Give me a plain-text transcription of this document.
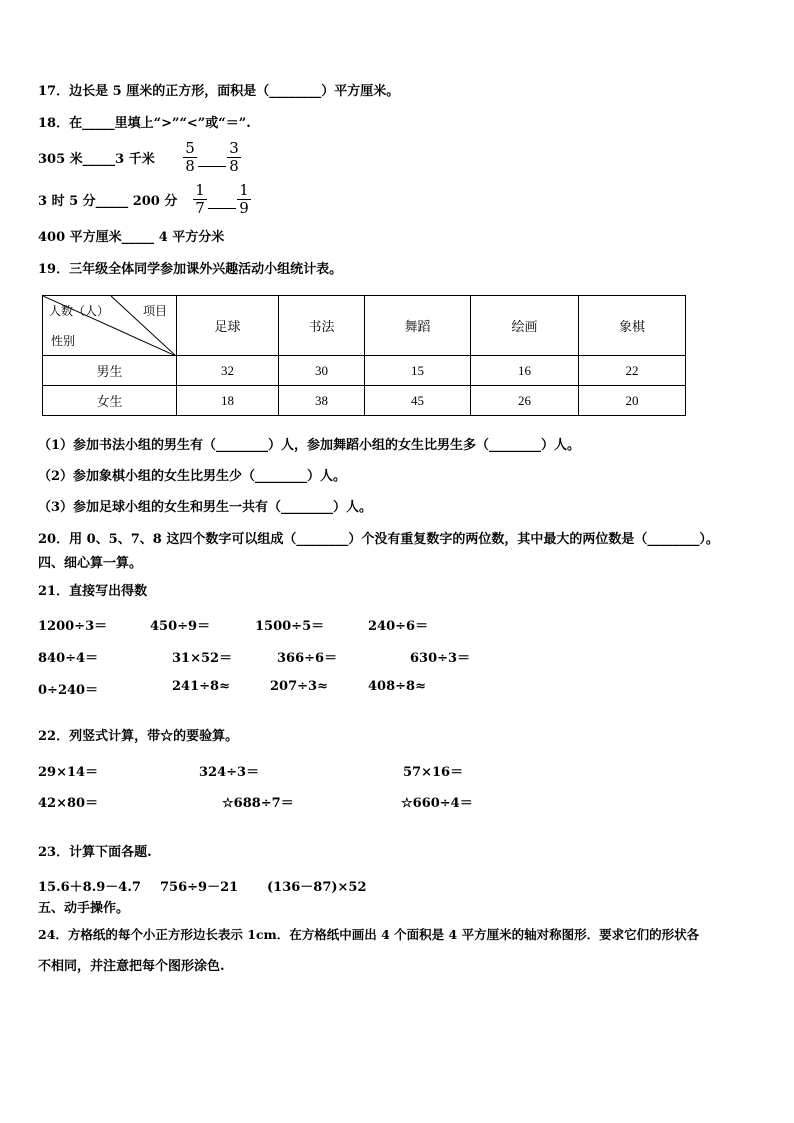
17．边长是 5 厘米的正方形，面积是（________）平方厘米。
18．在_____里填上“>”“<”或“＝”.
305 米_____3 千米
5
8
3
8
3 时 5 分_____ 200 分
1
7
1
9
400 平方厘米_____ 4 平方分米
19．三年级全体同学参加课外兴趣活动小组统计表。
人数（人） 项目
性别	足球	书法	舞蹈	绘画	象棋
男生	32	30	15	16	22
女生	18	38	45	26	20
（1）参加书法小组的男生有（________）人，参加舞蹈小组的女生比男生多（________）人。
（2）参加象棋小组的女生比男生少（________）人。
（3）参加足球小组的女生和男生一共有（________）人。
20．用 0、5、7、8 这四个数字可以组成（________）个没有重复数字的两位数，其中最大的两位数是（________）。
四、细心算一算。
21．直接写出得数
1200÷3＝	450÷9＝	1500÷5＝	240÷6＝
840÷4＝	31×52＝	366÷6＝	630÷3＝
0÷240＝	241÷8≈	207÷3≈	408÷8≈
22．列竖式计算，带☆的要验算。
29×14＝	324÷3＝	57×16＝
42×80＝	☆688÷7＝	☆660÷4＝
23．计算下面各题.
15.6＋8.9－4.7 756÷9－21 (136－87)×52
五、动手操作。
24．方格纸的每个小正方形边长表示 1cm．在方格纸中画出 4 个面积是 4 平方厘米的轴对称图形．要求它们的形状各
不相同，并注意把每个图形涂色.
